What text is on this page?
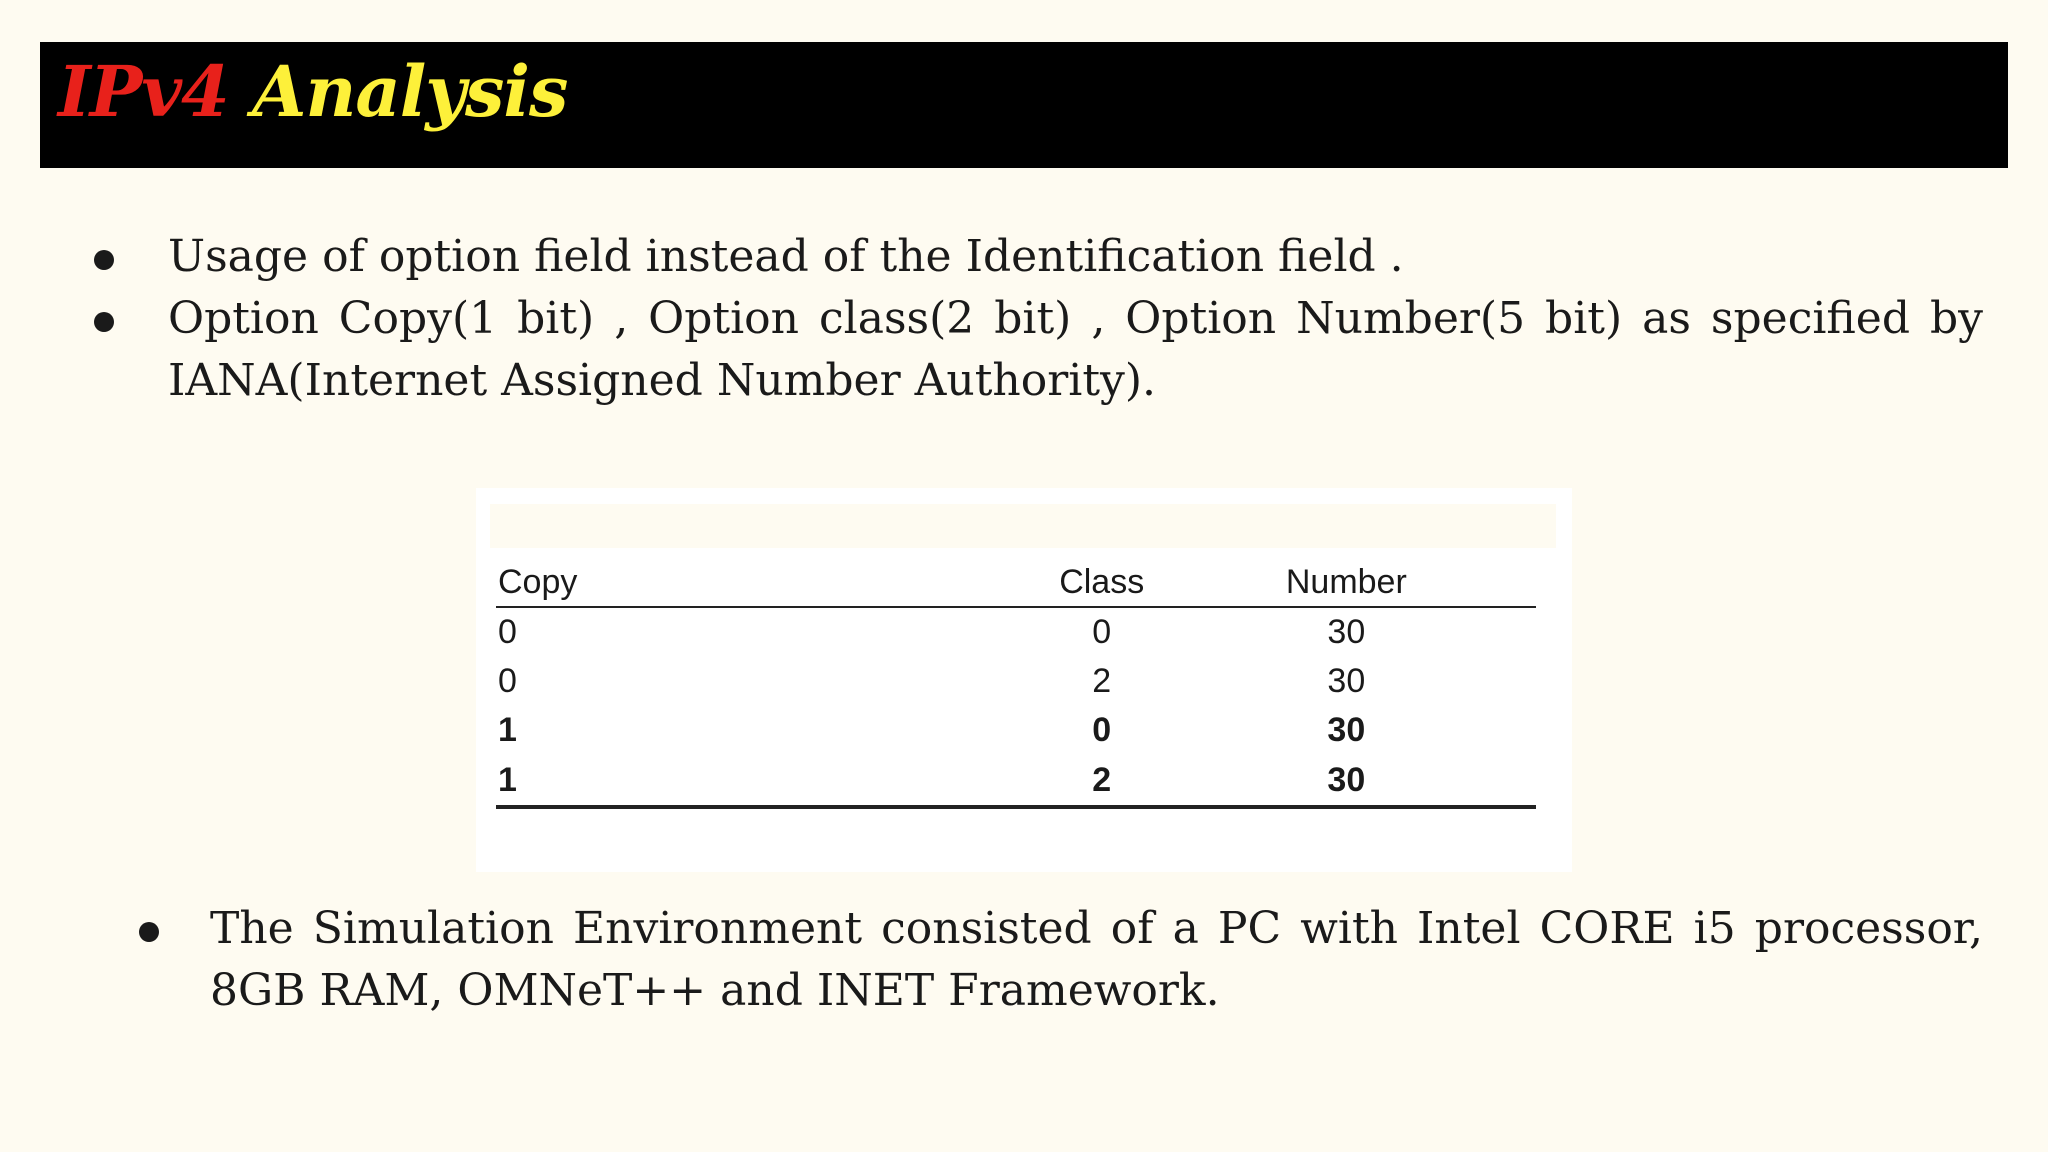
IPv4 Analysis

Usage of option field instead of the Identification field .

Option Copy(1 bit) , Option class(2 bit) , Option Number(5 bit) as specified by IANA(Internet Assigned Number Authority).

The Simulation Environment consisted of a PC with Intel CORE i5 processor, 8GB RAM, OMNeT++ and INET Framework.

Copy		Class	Number
0		0	30
0		2	30
1		0	30
1		2	30
